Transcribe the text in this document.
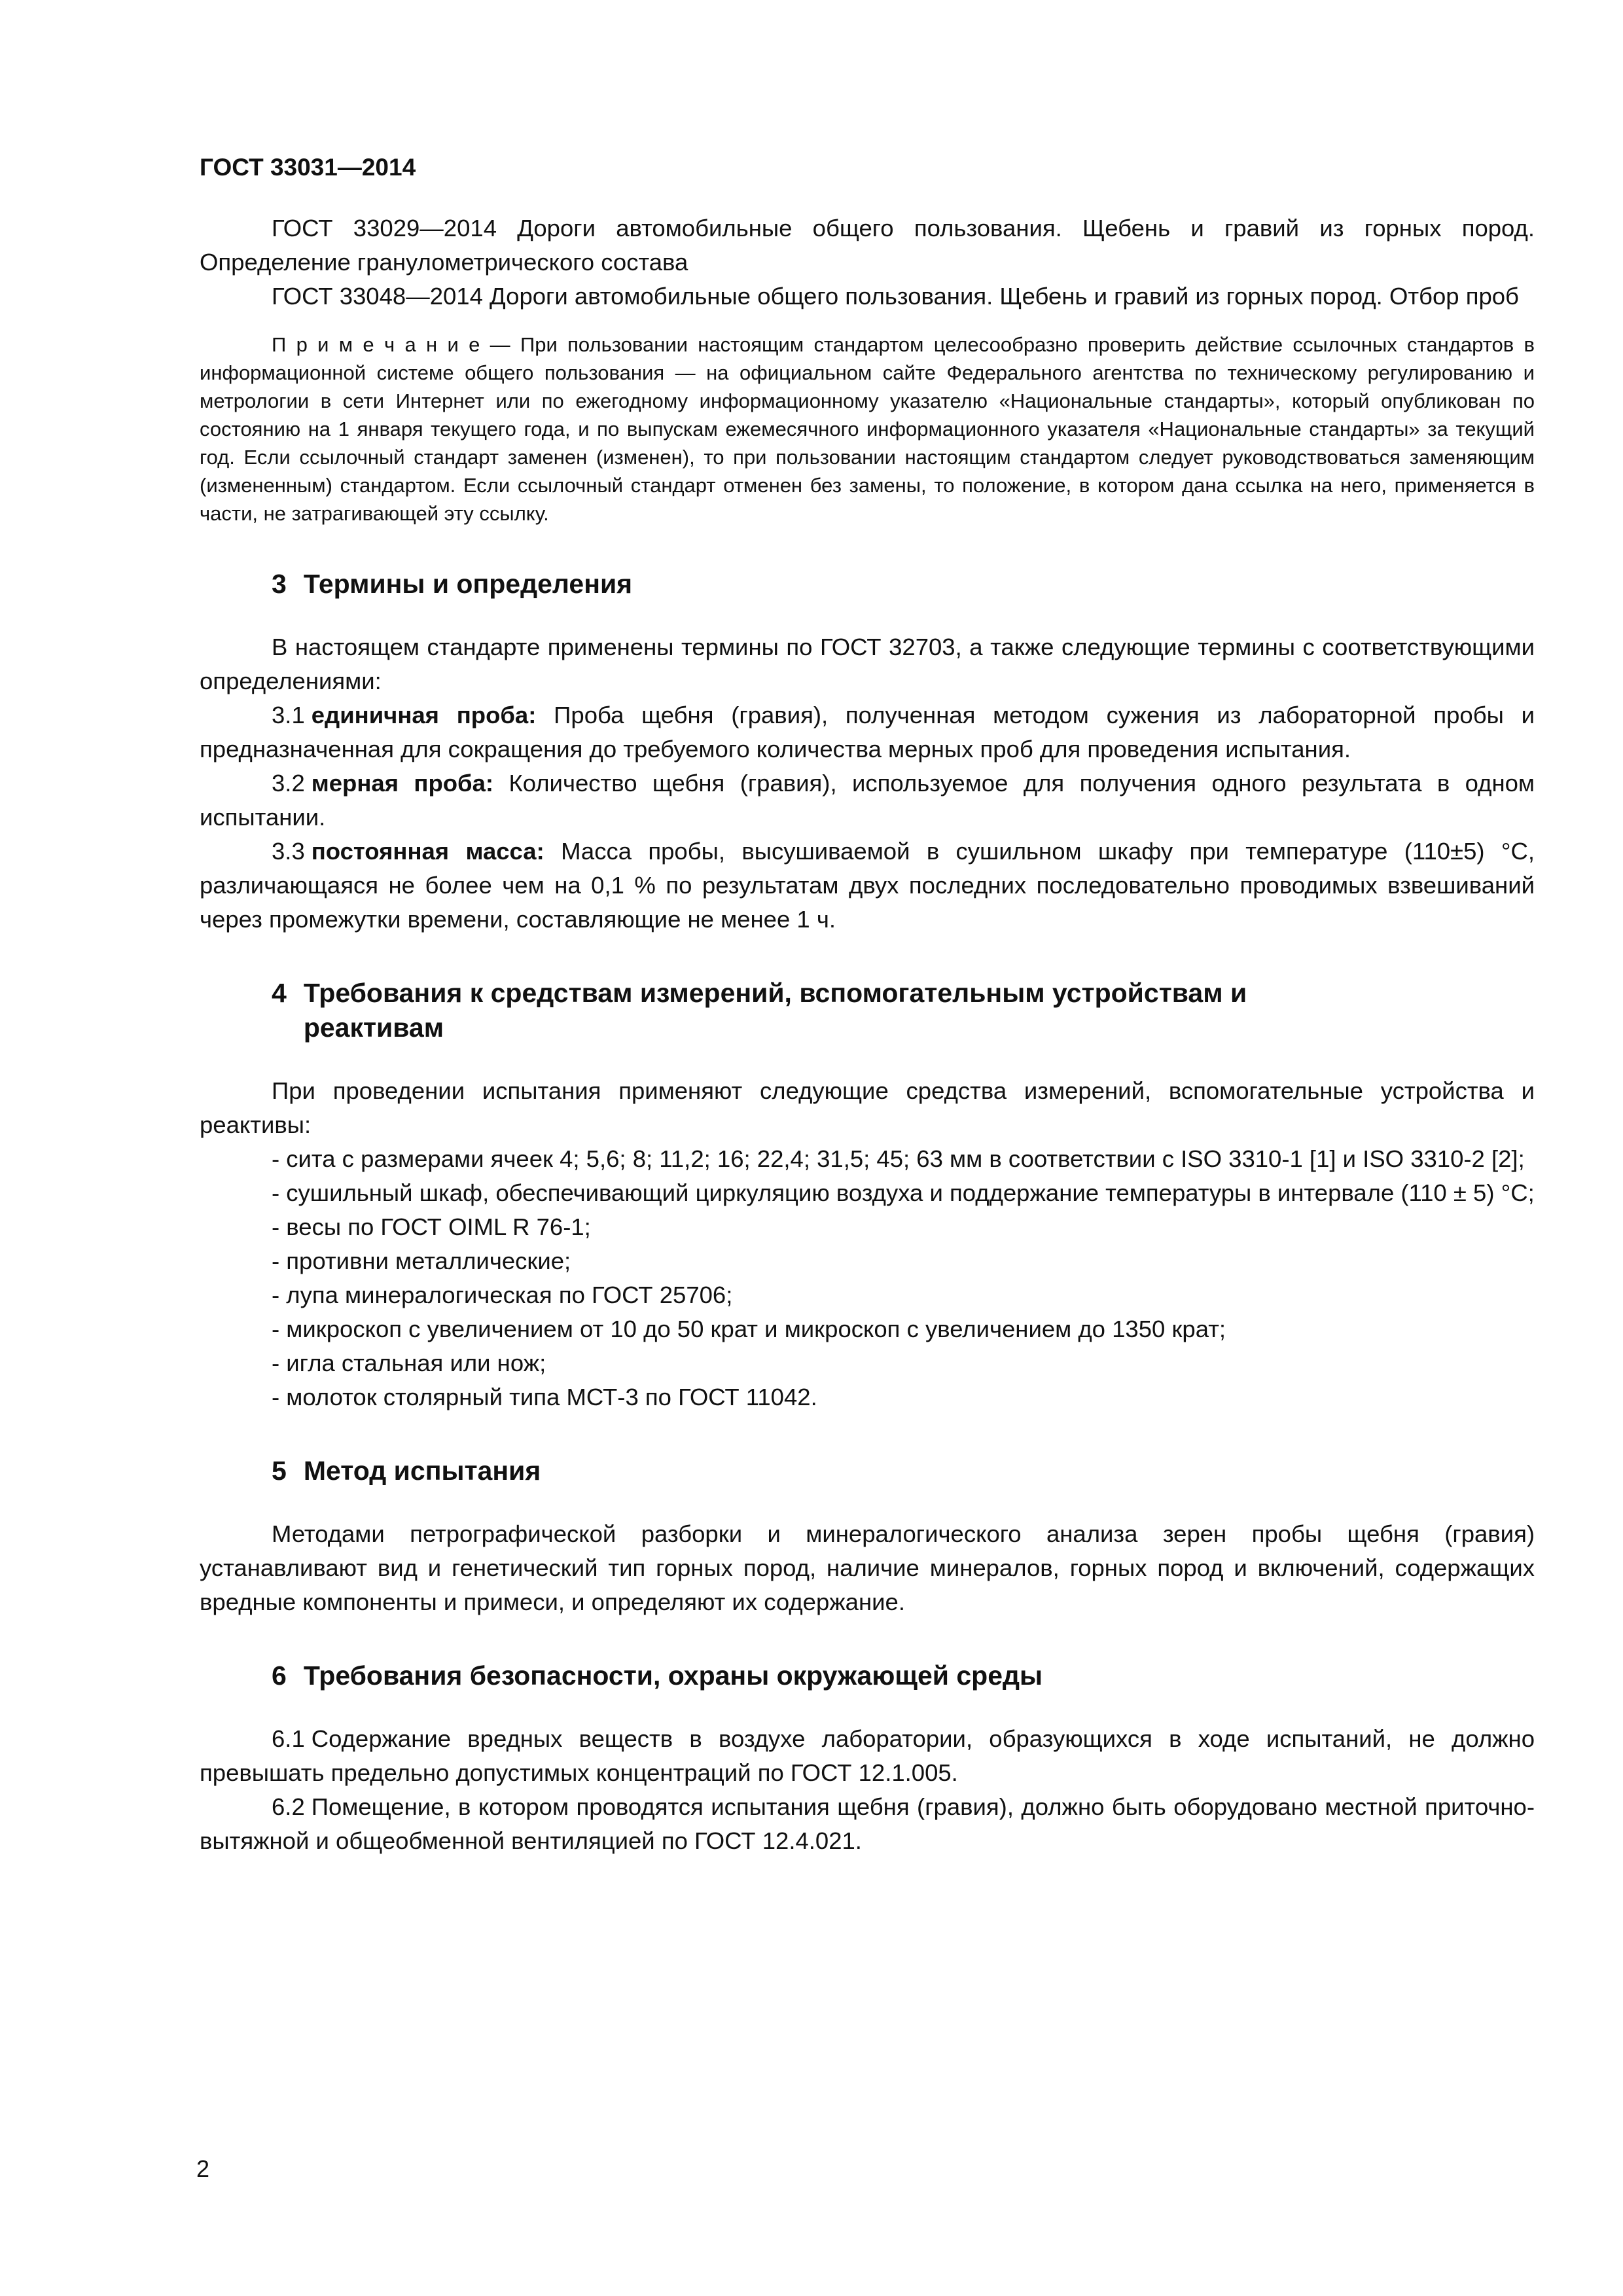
ГОСТ 33031—2014

ГОСТ 33029—2014 Дороги автомобильные общего пользования. Щебень и гравий из горных пород. Определение гранулометрического состава

ГОСТ 33048—2014 Дороги автомобильные общего пользования. Щебень и гравий из горных пород. Отбор проб

П р и м е ч а н и е — При пользовании настоящим стандартом целесообразно проверить действие ссылочных стандартов в информационной системе общего пользования — на официальном сайте Федерального агентства по техническому регулированию и метрологии в сети Интернет или по ежегодному информационному указателю «Национальные стандарты», который опубликован по состоянию на 1 января текущего года, и по выпускам ежемесячного информационного указателя «Национальные стандарты» за текущий год. Если ссылочный стандарт заменен (изменен), то при пользовании настоящим стандартом следует руководствоваться заменяющим (измененным) стандартом. Если ссылочный стандарт отменен без замены, то положение, в котором дана ссылка на него, применяется в части, не затрагивающей эту ссылку.

3 Термины и определения

В настоящем стандарте применены термины по ГОСТ 32703, а также следующие термины с соответствующими определениями:

3.1 единичная проба: Проба щебня (гравия), полученная методом сужения из лабораторной пробы и предназначенная для сокращения до требуемого количества мерных проб для проведения испытания.

3.2 мерная проба: Количество щебня (гравия), используемое для получения одного результата в одном испытании.

3.3 постоянная масса: Масса пробы, высушиваемой в сушильном шкафу при температуре (110±5) °С, различающаяся не более чем на 0,1 % по результатам двух последних последовательно проводимых взвешиваний через промежутки времени, составляющие не менее 1 ч.

4 Требования к средствам измерений, вспомогательным устройствам и реактивам

При проведении испытания применяют следующие средства измерений, вспомогательные устройства и реактивы:

- сита с размерами ячеек 4; 5,6; 8; 11,2; 16; 22,4; 31,5; 45; 63 мм в соответствии с ISO 3310-1 [1] и ISO 3310-2 [2];

- сушильный шкаф, обеспечивающий циркуляцию воздуха и поддержание температуры в интервале (110 ± 5) °С;

- весы по ГОСТ OIML R 76-1;

- противни металлические;

- лупа минералогическая по ГОСТ 25706;

- микроскоп с увеличением от 10 до 50 крат и микроскоп с увеличением до 1350 крат;

- игла стальная или нож;

- молоток столярный типа МСТ-3 по ГОСТ 11042.

5 Метод испытания

Методами петрографической разборки и минералогического анализа зерен пробы щебня (гравия) устанавливают вид и генетический тип горных пород, наличие минералов, горных пород и включений, содержащих вредные компоненты и примеси, и определяют их содержание.

6 Требования безопасности, охраны окружающей среды

6.1 Содержание вредных веществ в воздухе лаборатории, образующихся в ходе испытаний, не должно превышать предельно допустимых концентраций по ГОСТ 12.1.005.

6.2 Помещение, в котором проводятся испытания щебня (гравия), должно быть оборудовано местной приточно-вытяжной и общеобменной вентиляцией по ГОСТ 12.4.021.

2
